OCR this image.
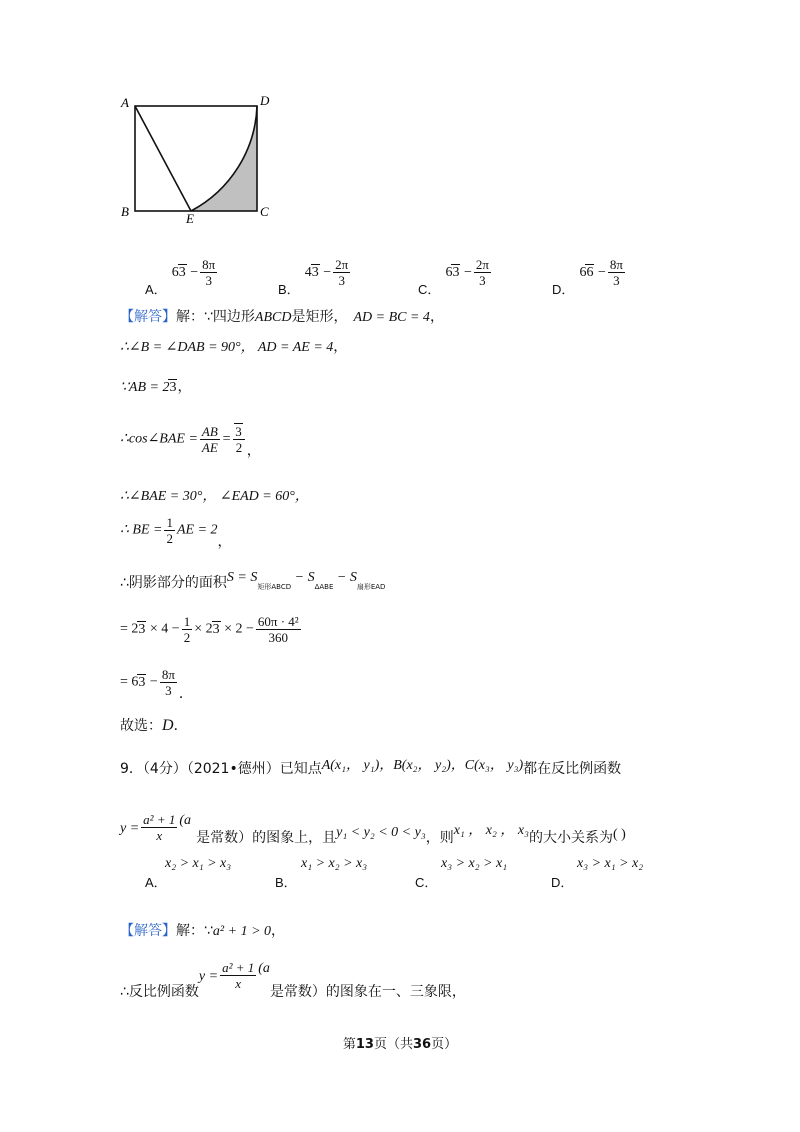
A	D
B	E	C
$_{A.}$ $63 - \frac{8\pi}{3}$
$_{B.}$ $43 - \frac{2\pi}{3}$
$_{C.}$ $63 - \frac{2\pi}{3}$
$_{D.}$ $66 - \frac{8\pi}{3}$
【解答】解：∵四边形ABCD是矩形， AD = BC = 4，
∴∠B = ∠DAB = 90°， AD = AE = 4，
∵AB = 23，
∴cos∠BAE = $\frac{AB}{AE} = \frac{3}{2}$ ，
∴∠BAE = 30°， ∠EAD = 60°，
∴ BE = $\frac{1}{2}$ AE = 2，
∴阴影部分的面积$S = S_{矩形ABCD} - S_{\Delta ABE} - S_{扇形EAD}$
= $23 \times 4 - \frac{1}{2} \times 23 \times 2 - \frac{\text{60π · 4²}}{360}$
= $63 - \frac{8\pi}{3}$ ．
故选：D．
9．（4分）（2021•德州）已知点A(x₁， y₁)，B(x₂， y₂)，C(x₃， y₃)都在反比例函数
$y = \frac{\text{a² + 1}}{x} (a$ 是常数）的图象上，且y₁ < y₂ < 0 < y₃，则x₁ ， x₂ ， x₃的大小关系为( )
x₂ > x₁ > x₃
A．
x₁ > x₂ > x₃
B．
x₃ > x₂ > x₁
C．
x₃ > x₁ > x₂
D．
【解答】解：∵a² + 1 > 0，
∴反比例函数$y = \frac{\text{a² + 1}}{x} (a$是常数）的图象在一、三象限，
第13页（共36页）
